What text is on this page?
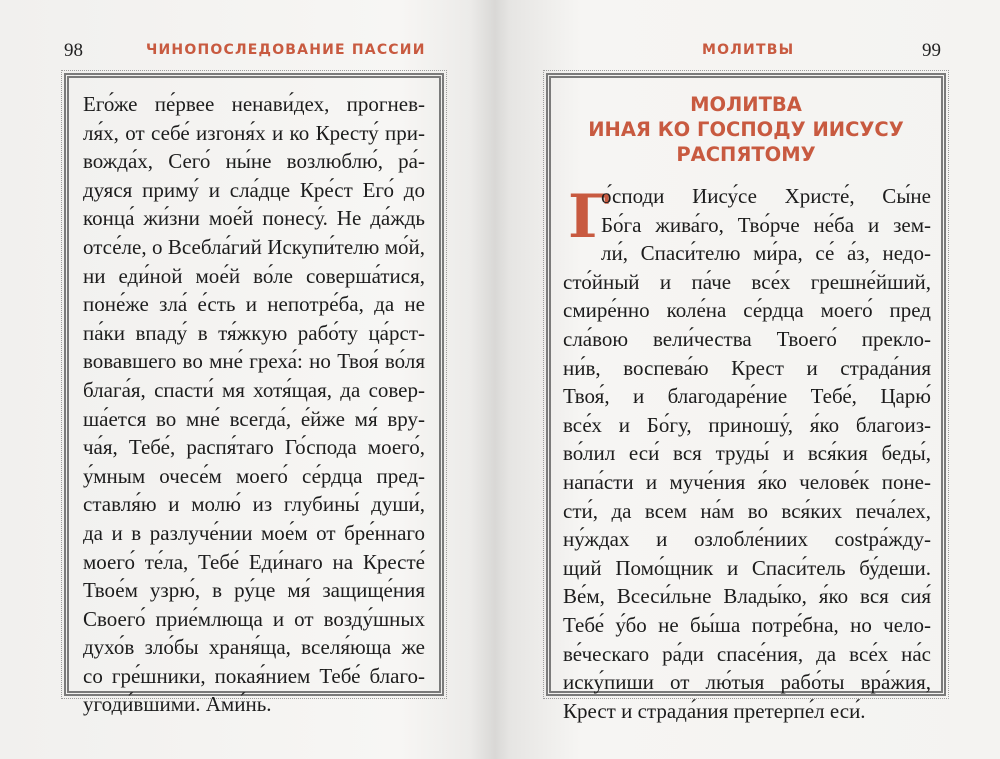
98	ЧИНОПОСЛЕДОВАНИЕ ПАССИИ
Его́же пе́рвее ненави́дех, прогнев-
ля́х, от себе́ изгоня́х и ко Кресту́ при-
вожда́х, Сего́ ны́не возлюблю́, ра́-
дуяся приму́ и сла́дце Кре́ст Его́ до
конца́ жи́зни мое́й понесу́. Не да́ждь
отсе́ле, о Всебла́гий Искупи́телю мо́й,
ни еди́ной мое́й во́ле соверша́тися,
поне́же зла́ е́сть и непотре́ба, да не
па́ки впаду́ в тя́жкую рабо́ту ца́рст-
вовавшего во мне́ греха́: но Твоя́ во́ля
блага́я, спасти́ мя хотя́щая, да совер-
ша́ется во мне́ всегда́, е́йже мя́ вру-
ча́я, Тебе́, распя́таго Го́спода моего́,
у́мным очесе́м моего́ се́рдца пред-
ставля́ю и молю́ из глубины́ души́,
да и в разлуче́нии мое́м от бре́ннаго
моего́ те́ла, Тебе́ Еди́наго на Кресте́
Твое́м узрю́, в ру́це мя́ защище́ния
Своего́ прие́млюща и от возду́шных
духо́в зло́бы храня́ща, вселя́юща же
со гре́шники, покая́нием Тебе́ благо-
угоди́вшими. Ами́нь.
МОЛИТВЫ	99
МОЛИТВА
ИНАЯ КО ГОСПОДУ ИИСУСУ
РАСПЯТОМУ
Г
о́споди Иису́се Христе́, Сы́не
Бо́га жива́го, Тво́рче не́ба и зем-
ли́, Спаси́телю ми́ра, се́ а́з, недо-
сто́йный и па́че все́х грешне́йший,
смире́нно коле́на се́рдца моего́ пред
сла́вою вели́чества Твоего́ прекло-
ни́в, воспева́ю Крест и страда́ния
Твоя́, и благодаре́ние Тебе́, Царю́
все́х и Бо́гу, приношу́, я́ко благоиз-
во́лил еси́ вся труды́ и вся́кия беды́,
напа́сти и муче́ния я́ко челове́к поне-
сти́, да всем на́м во вся́ких печа́лех,
ну́ждах и озлобле́ниих сostра́жду-
щий Помо́щник и Спаси́тель бу́деши.
Ве́м, Всеси́льне Влады́ко, я́ко вся сия́
Тебе́ у́бо не бы́ша потре́бна, но чело-
ве́ческаго ра́ди спасе́ния, да все́х на́с
иску́пиши от лю́тыя рабо́ты вра́жия,
Крест и страда́ния претерпе́л еси́.
